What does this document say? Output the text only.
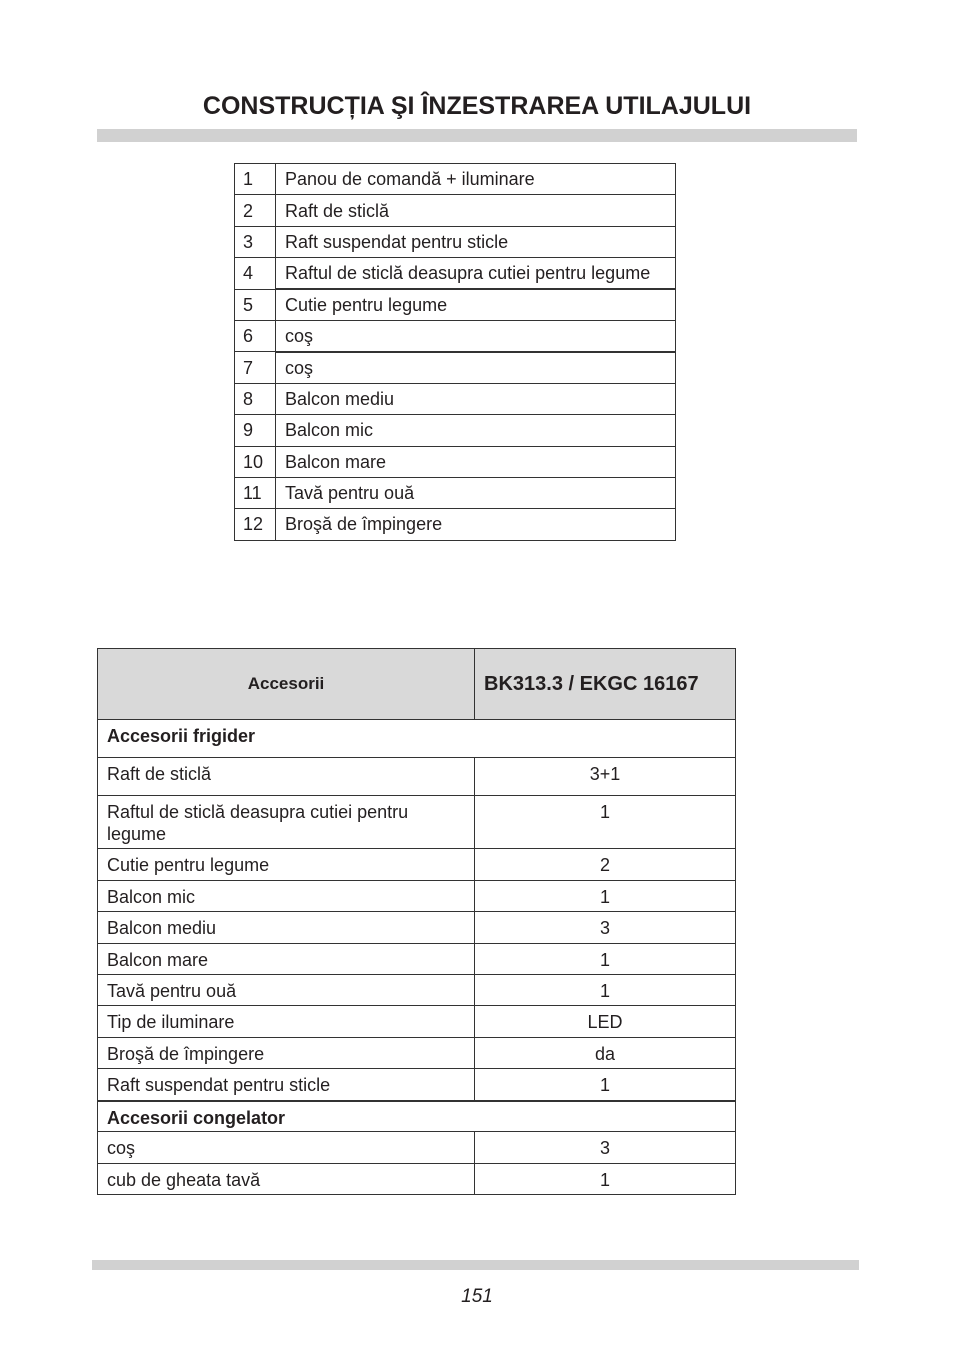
CONSTRUCȚIA ŞI ÎNZESTRAREA UTILAJULUI
1	Panou de comandă + iluminare
2	Raft de sticlă
3	Raft suspendat pentru sticle
4	Raftul de sticlă deasupra cutiei pentru legume
5	Cutie pentru legume
6	coş
7	coş
8	Balcon mediu
9	Balcon mic
10	Balcon mare
11	Tavă pentru ouă
12	Broşă de împingere
Accesorii	BK313.3 / EKGC 16167
Accesorii frigider	
Raft de sticlă	3+1
Raftul de sticlă deasupra cutiei pentru legume	1
Cutie pentru legume	2
Balcon mic	1
Balcon mediu	3
Balcon mare	1
Tavă pentru ouă	1
Tip de iluminare	LED
Broşă de împingere	da
Raft suspendat pentru sticle	1
Accesorii congelator	
coş	3
cub de gheata tavă	1
151
